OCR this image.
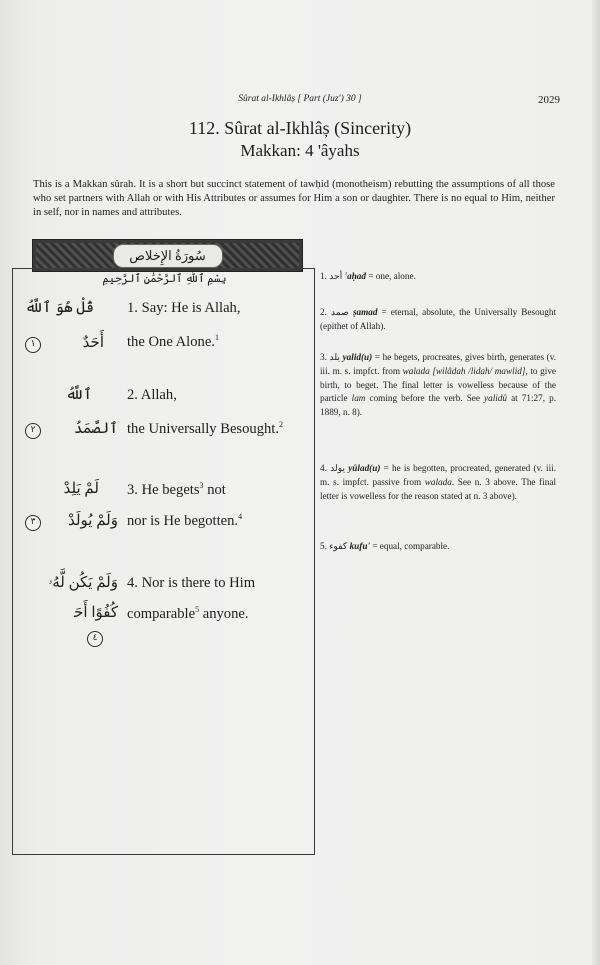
Sûrat al-Ikhlâș [ Part (Juz') 30 ]	2029
112. Sûrat al-Ikhlâș (Sincerity)
Makkan: 4 'âyahs
This is a Makkan sûrah. It is a short but succinct statement of tawḥid (monotheism) rebutting the assumptions of all those who set partners with Allah or with His Attributes or assumes for Him a son or daughter. There is no equal to Him, neither in self, nor in names and attributes.
سُورَةُ الإِخلاص
بِسْمِ ٱللَّهِ ٱلرَّحْمَٰنِ ٱلرَّحِيمِ
قُلْ هُوَ ٱللَّهُ 1. Say: He is Allah,
١	أَحَدٌ the One Alone.$^1$
ٱللَّهُ 2. Allah,
٢	ٱلصَّمَدُ the Universally Besought.$^2$
لَمْ يَلِدْ 3. He begets$^3$ not
٣	وَلَمْ يُولَدْ nor is He begotten.$^4$
وَلَمْ يَكُن لَّهُۥ 4. Nor is there to Him
كُفُوًا أَحَدٌۢ comparable$^5$ anyone.
٤
1. أحد 'aḥad = one, alone.
2. صمد ṣamad = eternal, absolute, the Universally Besought (epithet of Allah).
3. يلد yalid(u) = he begets, procreates, gives birth, generates (v. iii. m. s. impfct. from walada [wilâdah /lidah/ mawlid], to give birth, to beget. The final letter is vowelless because of the particle lam coming before the verb. See yalidû at 71:27, p. 1889, n. 8).
4. يولد yûlad(u) = he is begotten, procreated, generated (v. iii. m. s. impfct. passive from walada. See n. 3 above. The final letter is vowelless for the reason stated at n. 3 above).
5. كفوء kufu' = equal, comparable.
